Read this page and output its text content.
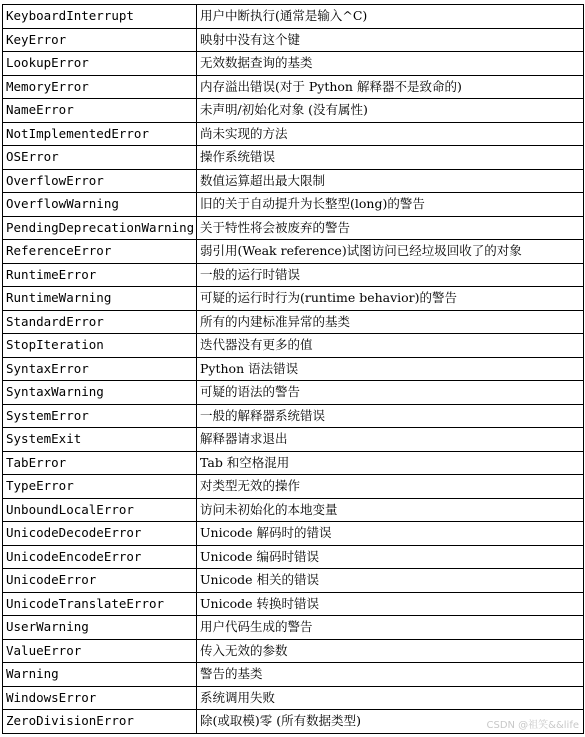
KeyboardInterrupt	用户中断执行(通常是输入^C)
KeyError	映射中没有这个键
LookupError	无效数据查询的基类
MemoryError	内存溢出错误(对于 Python 解释器不是致命的)
NameError	未声明/初始化对象 (没有属性)
NotImplementedError	尚未实现的方法
OSError	操作系统错误
OverflowError	数值运算超出最大限制
OverflowWarning	旧的关于自动提升为长整型(long)的警告
PendingDeprecationWarning	关于特性将会被废弃的警告
ReferenceError	弱引用(Weak reference)试图访问已经垃圾回收了的对象
RuntimeError	一般的运行时错误
RuntimeWarning	可疑的运行时行为(runtime behavior)的警告
StandardError	所有的内建标准异常的基类
StopIteration	迭代器没有更多的值
SyntaxError	Python 语法错误
SyntaxWarning	可疑的语法的警告
SystemError	一般的解释器系统错误
SystemExit	解释器请求退出
TabError	Tab 和空格混用
TypeError	对类型无效的操作
UnboundLocalError	访问未初始化的本地变量
UnicodeDecodeError	Unicode 解码时的错误
UnicodeEncodeError	Unicode 编码时错误
UnicodeError	Unicode 相关的错误
UnicodeTranslateError	Unicode 转换时错误
UserWarning	用户代码生成的警告
ValueError	传入无效的参数
Warning	警告的基类
WindowsError	系统调用失败
ZeroDivisionError	除(或取模)零 (所有数据类型)	CSDN @祖笑&&life
